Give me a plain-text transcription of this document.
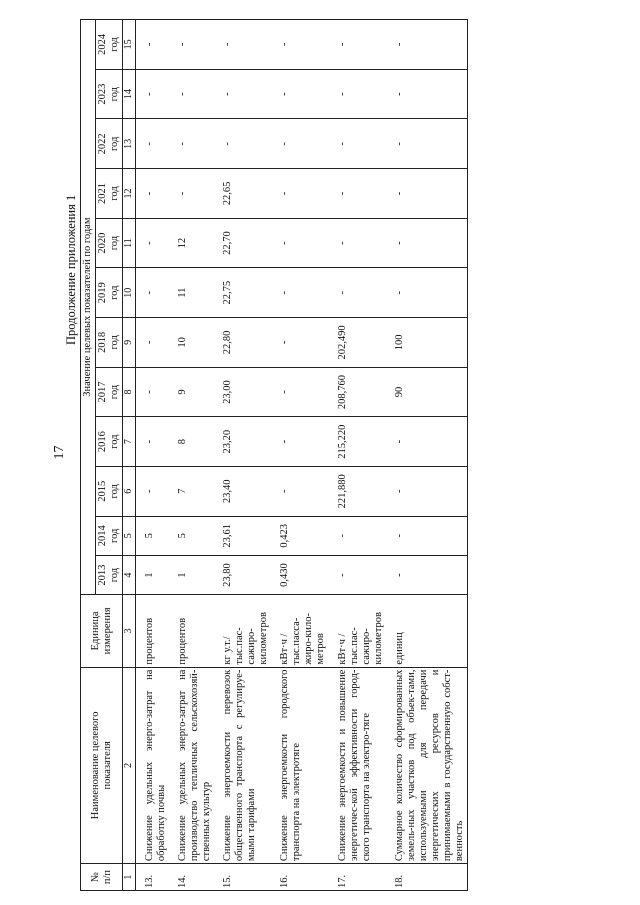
17
Продолжение приложения 1
№
п/п	Наименование целевого
показателя	Единица
измерения	Значение целевых показателей по годам											
			2013
год	2014
год	2015
год	2016
год	2017
год	2018
год	2019
год	2020
год	2021
год	2022
год	2023
год	2024
год
1	2	3	4	5	6	7	8	9	10	11	12	13	14	15
13.	Снижение удельных энерго-затрат на обработку почвы	процентов	1	5	-	-	-	-	-	-	-	-	-	-
14.	Снижение удельных энерго-затрат на производство тепличных сельскохозяй-ственных культур	процентов	1	5	7	8	9	10	11	12	-	-	-	-
15.	Снижение энергоемкости перевозок общественного транспорта с регулируе-мыми тарифами	кг у.т./ тыс.пас-сажиро-километров	23,80	23,61	23,40	23,20	23,00	22,80	22,75	22,70	22,65	-	-	-
16.	Снижение энергоемкости городского транспорта на электротяге	кВт·ч / тыс.пасса-жиро-кило-метров	0,430	0,423	-	-	-	-	-	-	-	-	-	-
17.	Снижение энергоемкости и повышение энергетичес-кой эффективности город-ского транспорта на электро-тяге	кВт·ч / тыс.пас-сажиро-километров	-	-	221,880	215,220	208,760	202,490	-	-	-	-	-	-
18.	Суммарное количество сформированных земель-ных участков под объек-тами, используемыми для передачи энергетических ресурсов и принимаемыми в государственную собст-венность	единиц	-	-	-	-	90	100	-	-	-	-	-	-
